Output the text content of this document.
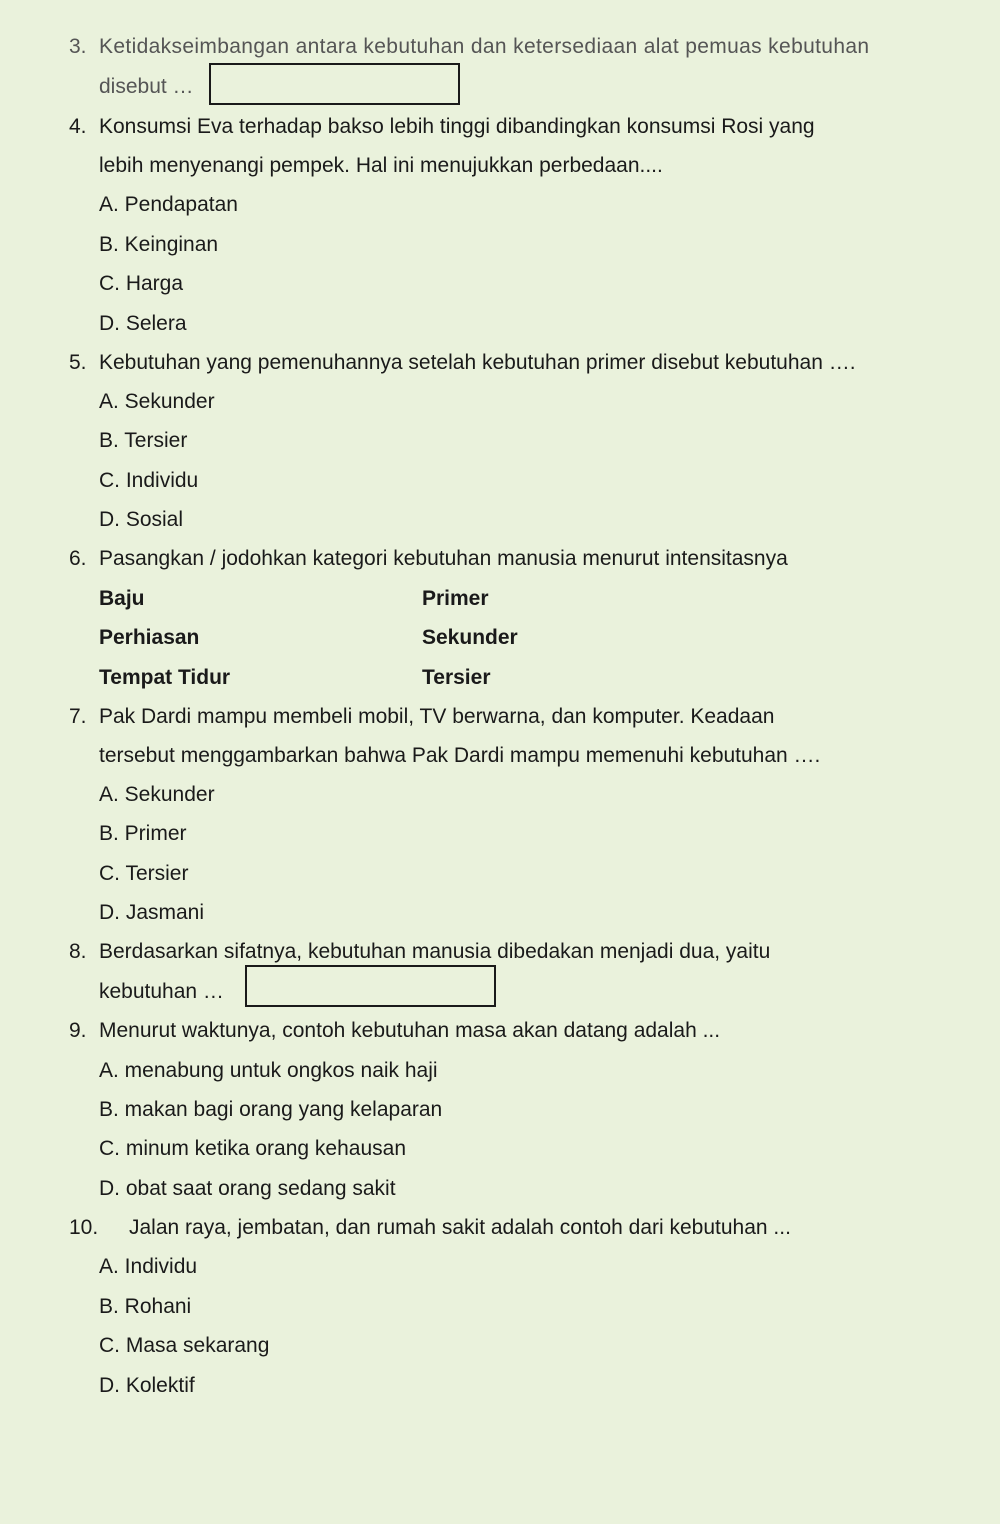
3. Ketidakseimbangan antara kebutuhan dan ketersediaan alat pemuas kebutuhan
disebut …
4. Konsumsi Eva terhadap bakso lebih tinggi dibandingkan konsumsi Rosi yang
lebih menyenangi pempek. Hal ini menujukkan perbedaan....
A. Pendapatan
B. Keinginan
C. Harga
D. Selera
5. Kebutuhan yang pemenuhannya setelah kebutuhan primer disebut kebutuhan ….
A. Sekunder
B. Tersier
C. Individu
D. Sosial
6. Pasangkan / jodohkan kategori kebutuhan manusia menurut intensitasnya
Baju	Primer
Perhiasan	Sekunder
Tempat Tidur	Tersier
7. Pak Dardi mampu membeli mobil, TV berwarna, dan komputer. Keadaan
tersebut menggambarkan bahwa Pak Dardi mampu memenuhi kebutuhan ….
A. Sekunder
B. Primer
C. Tersier
D. Jasmani
8. Berdasarkan sifatnya, kebutuhan manusia dibedakan menjadi dua, yaitu
kebutuhan …
9. Menurut waktunya, contoh kebutuhan masa akan datang adalah ...
A. menabung untuk ongkos naik haji
B. makan bagi orang yang kelaparan
C. minum ketika orang kehausan
D. obat saat orang sedang sakit
10. Jalan raya, jembatan, dan rumah sakit adalah contoh dari kebutuhan ...
A. Individu
B. Rohani
C. Masa sekarang
D. Kolektif
